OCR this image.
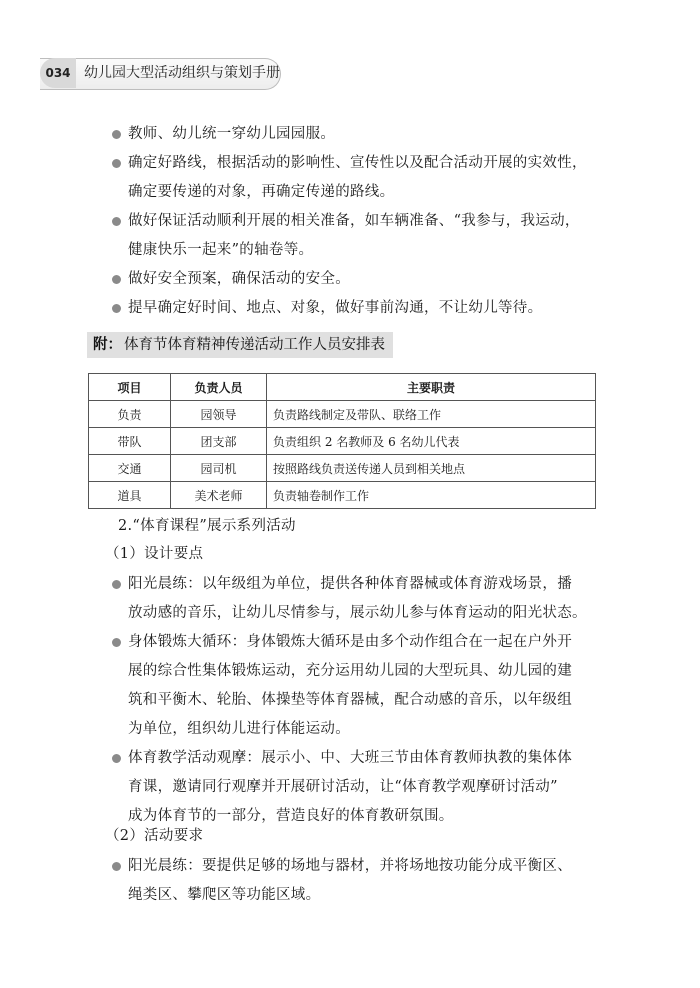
034 幼儿园大型活动组织与策划手册

教师、幼儿统一穿幼儿园园服。

确定好路线，根据活动的影响性、宣传性以及配合活动开展的实效性，
确定要传递的对象，再确定传递的路线。

做好保证活动顺利开展的相关准备，如车辆准备、“我参与，我运动，
健康快乐一起来”的轴卷等。

做好安全预案，确保活动的安全。

提早确定好时间、地点、对象，做好事前沟通，不让幼儿等待。

附： 体育节体育精神传递活动工作人员安排表
项目	负责人员	主要职责
负责	园领导	负责路线制定及带队、联络工作
带队	团支部	负责组织 2 名教师及 6 名幼儿代表
交通	园司机	按照路线负责送传递人员到相关地点
道具	美术老师	负责轴卷制作工作
2.“体育课程”展示系列活动
（1）设计要点

阳光晨练：以年级组为单位，提供各种体育器械或体育游戏场景，播
放动感的音乐，让幼儿尽情参与，展示幼儿参与体育运动的阳光状态。

身体锻炼大循环：身体锻炼大循环是由多个动作组合在一起在户外开
展的综合性集体锻炼运动，充分运用幼儿园的大型玩具、幼儿园的建
筑和平衡木、轮胎、体操垫等体育器械，配合动感的音乐，以年级组
为单位，组织幼儿进行体能运动。

体育教学活动观摩：展示小、中、大班三节由体育教师执教的集体体
育课，邀请同行观摩并开展研讨活动，让“体育教学观摩研讨活动”
成为体育节的一部分，营造良好的体育教研氛围。

（2）活动要求

阳光晨练：要提供足够的场地与器材，并将场地按功能分成平衡区、
绳类区、攀爬区等功能区域。
